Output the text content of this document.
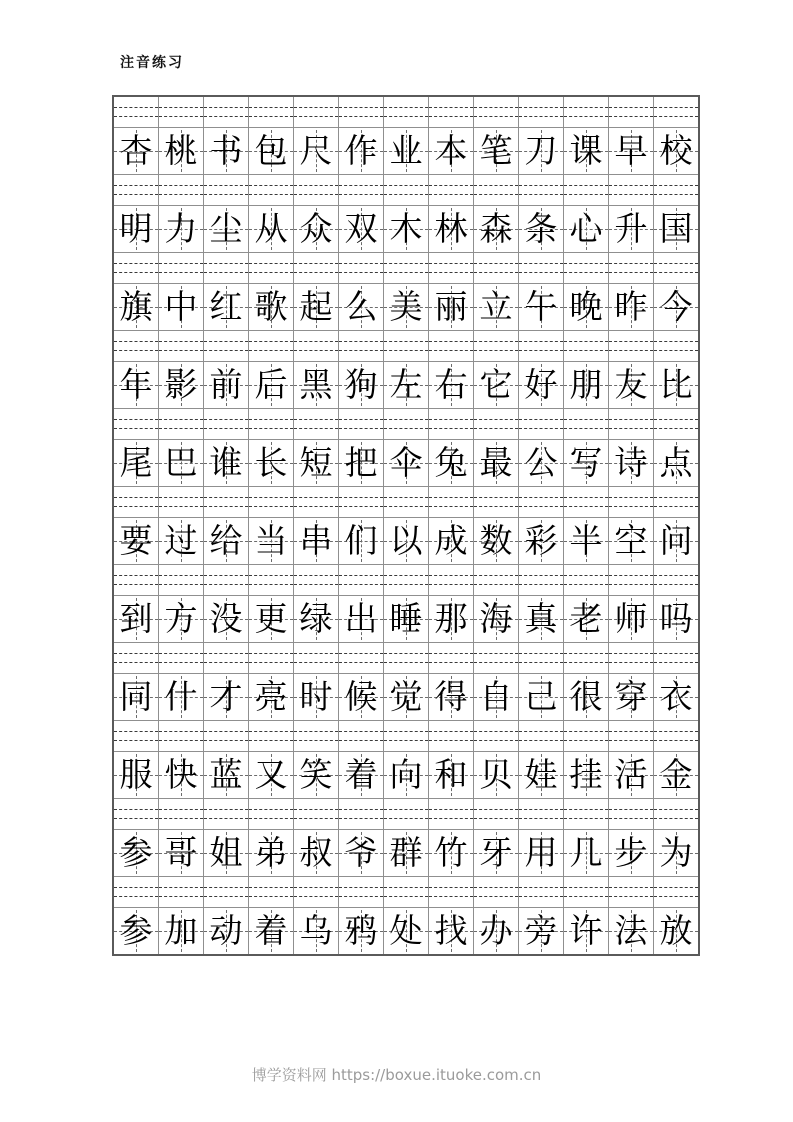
注音练习

杏	桃	书	包	尺	作	业	本	笔	刀	课	早	校

明	力	尘	从	众	双	木	林	森	条	心	升	国

旗	中	红	歌	起	么	美	丽	立	午	晚	昨	今

年	影	前	后	黑	狗	左	右	它	好	朋	友	比

尾	巴	谁	长	短	把	伞	兔	最	公	写	诗	点

要	过	给	当	串	们	以	成	数	彩	半	空	问

到	方	没	更	绿	出	睡	那	海	真	老	师	吗

同	什	才	亮	时	候	觉	得	自	己	很	穿	衣

服	快	蓝	又	笑	着	向	和	贝	娃	挂	活	金

参	哥	姐	弟	叔	爷	群	竹	牙	用	几	步	为

参	加	动	着	乌	鸦	处	找	办	旁	许	法	放
博学资料网 https://boxue.ituoke.com.cn
